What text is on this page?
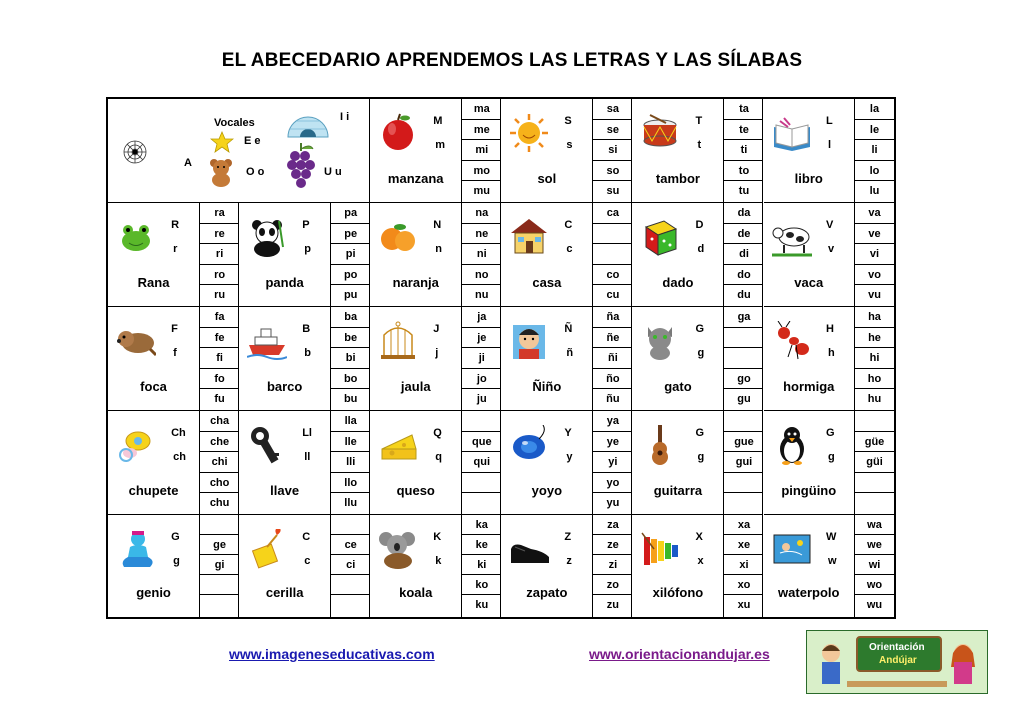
EL ABECEDARIO APRENDEMOS LAS LETRAS Y LAS SÍLABAS
A
Vocales
E e
O o
I i
U u
M
m
manzana
ma
me
mi
mo
mu
S
s
sol
sa
se
si
so
su
T
t
tambor
ta
te
ti
to
tu
L
l
libro
la
le
li
lo
lu
R
r
Rana
ra
re
ri
ro
ru
P
p
panda
pa
pe
pi
po
pu
N
n
naranja
na
ne
ni
no
nu
C
c
casa
ca
co
cu
D
d
dado
da
de
di
do
du
V
v
vaca
va
ve
vi
vo
vu
F
f
foca
fa
fe
fi
fo
fu
B
b
barco
ba
be
bi
bo
bu
J
j
jaula
ja
je
ji
jo
ju
Ñ
ñ
Ñiño
ña
ñe
ñi
ño
ñu
G
g
gato
ga
go
gu
H
h
hormiga
ha
he
hi
ho
hu
Ch
ch
chupete
cha
che
chi
cho
chu
Ll
ll
llave
lla
lle
lli
llo
llu
Q
q
queso
que
qui
Y
y
yoyo
ya
ye
yi
yo
yu
G
g
guitarra
gue
gui
G
g
pingüino
güe
güi
G
g
genio
ge
gi
C
c
cerilla
ce
ci
K
k
koala
ka
ke
ki
ko
ku
Z
z
zapato
za
ze
zi
zo
zu
X
x
xilófono
xa
xe
xi
xo
xu
W
w
waterpolo
wa
we
wi
wo
wu
www.imageneseducativas.com	www.orientacionandujar.es	Orientación
Andújar
